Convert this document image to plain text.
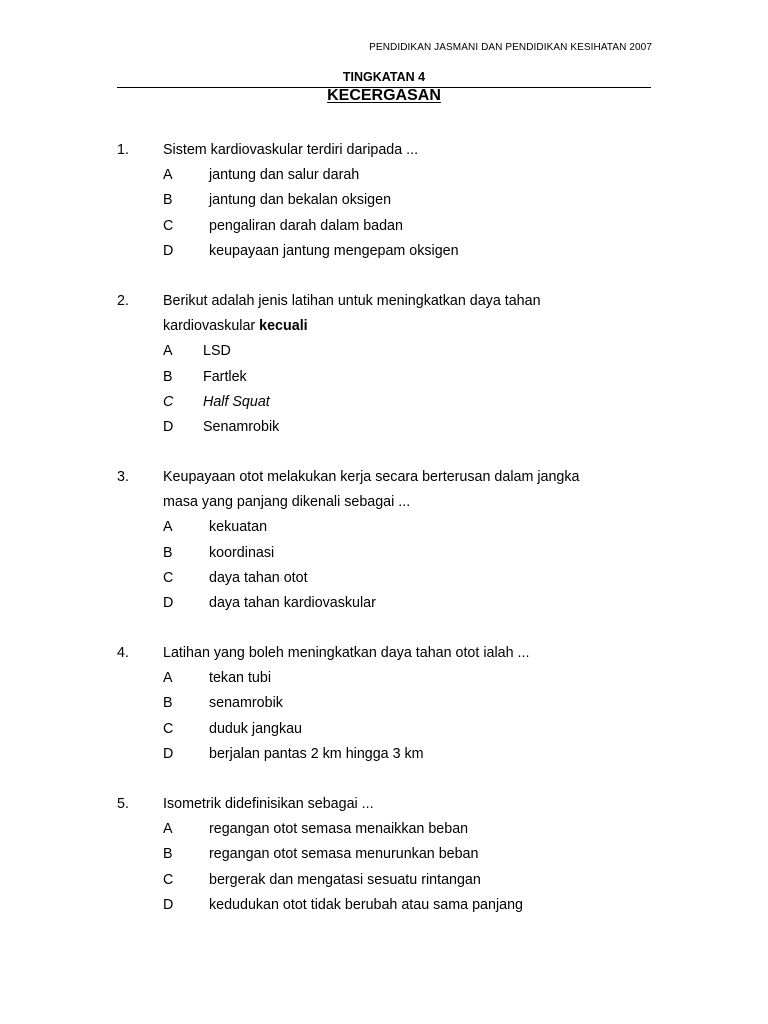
PENDIDIKAN JASMANI DAN PENDIDIKAN KESIHATAN 2007
TINGKATAN 4
KECERGASAN
1.	Sistem kardiovaskular terdiri daripada ...
A	jantung dan salur darah
B	jantung dan bekalan oksigen
C	pengaliran darah dalam badan
D	keupayaan jantung mengepam oksigen
2.	Berikut adalah jenis latihan untuk meningkatkan daya tahan
kardiovaskular kecuali
A	LSD
B	Fartlek
C	Half Squat
D	Senamrobik
3.	Keupayaan otot melakukan kerja secara berterusan dalam jangka
masa yang panjang dikenali sebagai ...
A	kekuatan
B	koordinasi
C	daya tahan otot
D	daya tahan kardiovaskular
4.	Latihan yang boleh meningkatkan daya tahan otot ialah ...
A	tekan tubi
B	senamrobik
C	duduk jangkau
D	berjalan pantas 2 km hingga 3 km
5.	Isometrik didefinisikan sebagai ...
A	regangan otot semasa menaikkan beban
B	regangan otot semasa menurunkan beban
C	bergerak dan mengatasi sesuatu rintangan
D	kedudukan otot tidak berubah atau sama panjang
